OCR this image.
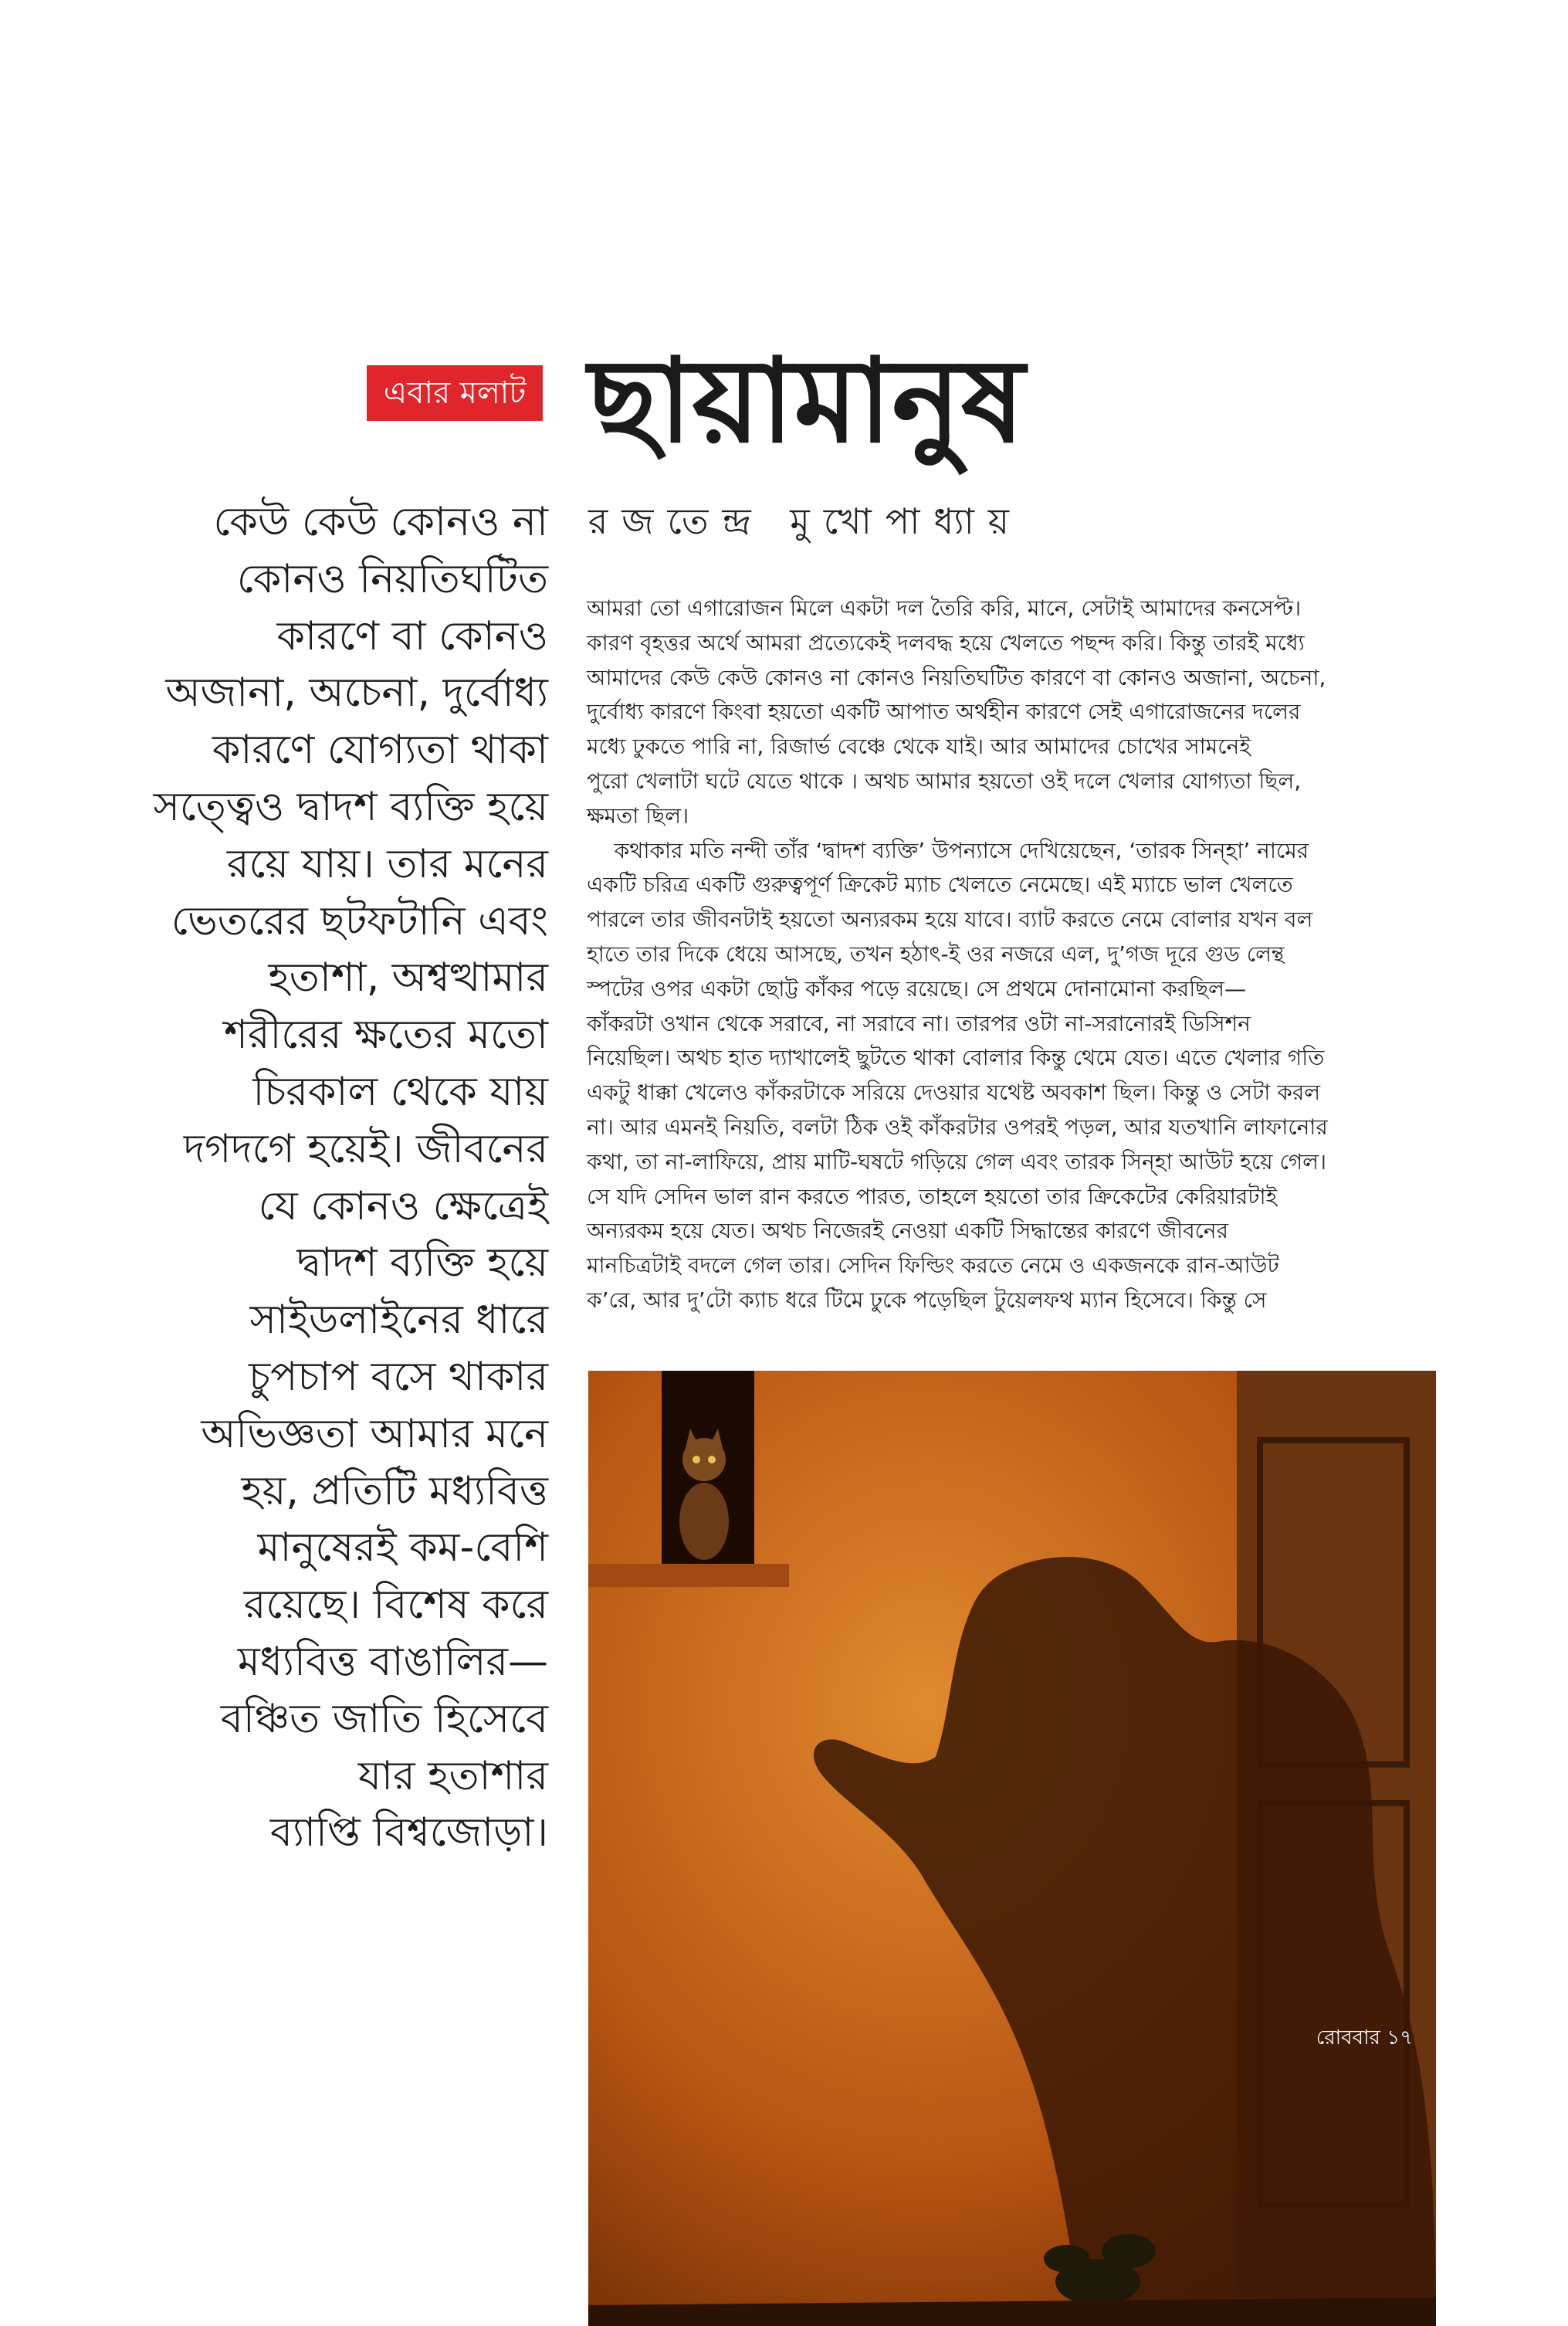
এবার মলাট ছায়ামানুষ
রজতেন্দ্র মুখোপাধ্যায়
কেউ কেউ কোনও না
কোনও নিয়তিঘটিত
কারণে বা কোনও
অজানা, অচেনা, দুর্বোধ্য
কারণে যোগ্যতা থাকা
সত্ত্বেও দ্বাদশ ব্যক্তি হয়ে
রয়ে যায়। তার মনের
ভেতরের ছটফটানি এবং
হতাশা, অশ্বত্থামার
শরীরের ক্ষতের মতো
চিরকাল থেকে যায়
দগদগে হয়েই। জীবনের
যে কোনও ক্ষেত্রেই
দ্বাদশ ব্যক্তি হয়ে
সাইডলাইনের ধারে
চুপচাপ বসে থাকার
অভিজ্ঞতা আমার মনে
হয়, প্রতিটি মধ্যবিত্ত
মানুষেরই কম-বেশি
রয়েছে। বিশেষ করে
মধ্যবিত্ত বাঙালির—
বঞ্চিত জাতি হিসেবে
যার হতাশার
ব্যাপ্তি বিশ্বজোড়া।
আমরা তো এগারোজন মিলে একটা দল তৈরি করি, মানে, সেটাই আমাদের কনসেপ্ট।
কারণ বৃহত্তর অর্থে আমরা প্রত্যেকেই দলবদ্ধ হয়ে খেলতে পছন্দ করি। কিন্তু তারই মধ্যে
আমাদের কেউ কেউ কোনও না কোনও নিয়তিঘটিত কারণে বা কোনও অজানা, অচেনা,
দুর্বোধ্য কারণে কিংবা হয়তো একটি আপাত অর্থহীন কারণে সেই এগারোজনের দলের
মধ্যে ঢুকতে পারি না, রিজার্ভ বেঞ্চে থেকে যাই। আর আমাদের চোখের সামনেই
পুরো খেলাটা ঘটে যেতে থাকে । অথচ আমার হয়তো ওই দলে খেলার যোগ্যতা ছিল,
ক্ষমতা ছিল।
কথাকার মতি নন্দী তাঁর ‘দ্বাদশ ব্যক্তি’ উপন্যাসে দেখিয়েছেন, ‘তারক সিন্‌হা’ নামের
একটি চরিত্র একটি গুরুত্বপূর্ণ ক্রিকেট ম্যাচ খেলতে নেমেছে। এই ম্যাচে ভাল খেলতে
পারলে তার জীবনটাই হয়তো অন্যরকম হয়ে যাবে। ব্যাট করতে নেমে বোলার যখন বল
হাতে তার দিকে ধেয়ে আসছে, তখন হঠাৎ-ই ওর নজরে এল, দু’গজ দূরে গুড লেন্থ
স্পটের ওপর একটা ছোট্ট কাঁকর পড়ে রয়েছে। সে প্রথমে দোনামোনা করছিল—
কাঁকরটা ওখান থেকে সরাবে, না সরাবে না। তারপর ওটা না-সরানোরই ডিসিশন
নিয়েছিল। অথচ হাত দ্যাখালেই ছুটতে থাকা বোলার কিন্তু থেমে যেত। এতে খেলার গতি
একটু ধাক্কা খেলেও কাঁকরটাকে সরিয়ে দেওয়ার যথেষ্ট অবকাশ ছিল। কিন্তু ও সেটা করল
না। আর এমনই নিয়তি, বলটা ঠিক ওই কাঁকরটার ওপরই পড়ল, আর যতখানি লাফানোর
কথা, তা না-লাফিয়ে, প্রায় মাটি-ঘষটে গড়িয়ে গেল এবং তারক সিন্‌হা আউট হয়ে গেল।
সে যদি সেদিন ভাল রান করতে পারত, তাহলে হয়তো তার ক্রিকেটের কেরিয়ারটাই
অন্যরকম হয়ে যেত। অথচ নিজেরই নেওয়া একটি সিদ্ধান্তের কারণে জীবনের
মানচিত্রটাই বদলে গেল তার। সেদিন ফিল্ডিং করতে নেমে ও একজনকে রান-আউট
ক’রে, আর দু’টো ক্যাচ ধরে টিমে ঢুকে পড়েছিল টুয়েলফথ ম্যান হিসেবে। কিন্তু সে
রোববার ১৭
